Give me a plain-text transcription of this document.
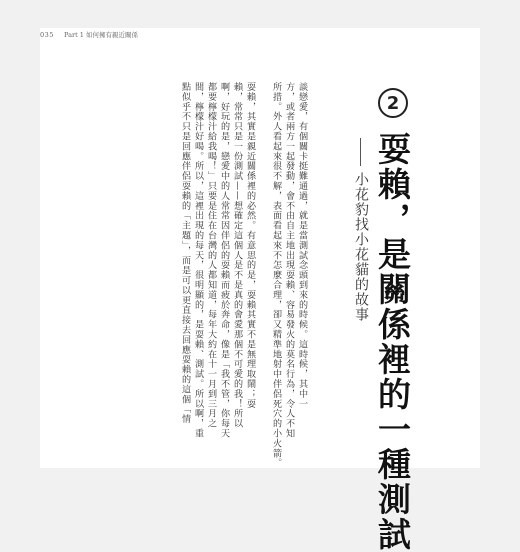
035 Part 1 如何擁有親近關係
2
耍賴，是關係裡的一種測試
小花豹找小花貓的故事
談戀愛，有個關卡挺難通過，就是當測試念頭到來的時候。這時候，其中一
方，或者兩方一起發動，會不由自主地出現耍賴、容易發火的莫名行為，令人不知
所措。外人看起來很不解，表面看起來不怎麼合理，卻又精準地射中伴侶死穴的小火箭。
耍賴，其實是親近關係裡的必然。有意思的是，耍賴其實不是無理取鬧；耍
賴，常常只是一份測試——想確定這個人是不是真的會愛那個不可愛的我！所以
啊，好玩的是，戀愛中的人常常因伴侶的耍賴而疲於奔命，像是「我不管，你每天
都要檸檬汁給我喝！」只要是住在台灣的人都知道，每年大約在十一月到三月之
間，檸檬汁好喝。所以，這裡出現的每天，很明顯的，是耍賴、測試。所以啊，重
點似乎不只是回應伴侶耍賴的「主題」，而是可以更直接去回應耍賴的這個「情
